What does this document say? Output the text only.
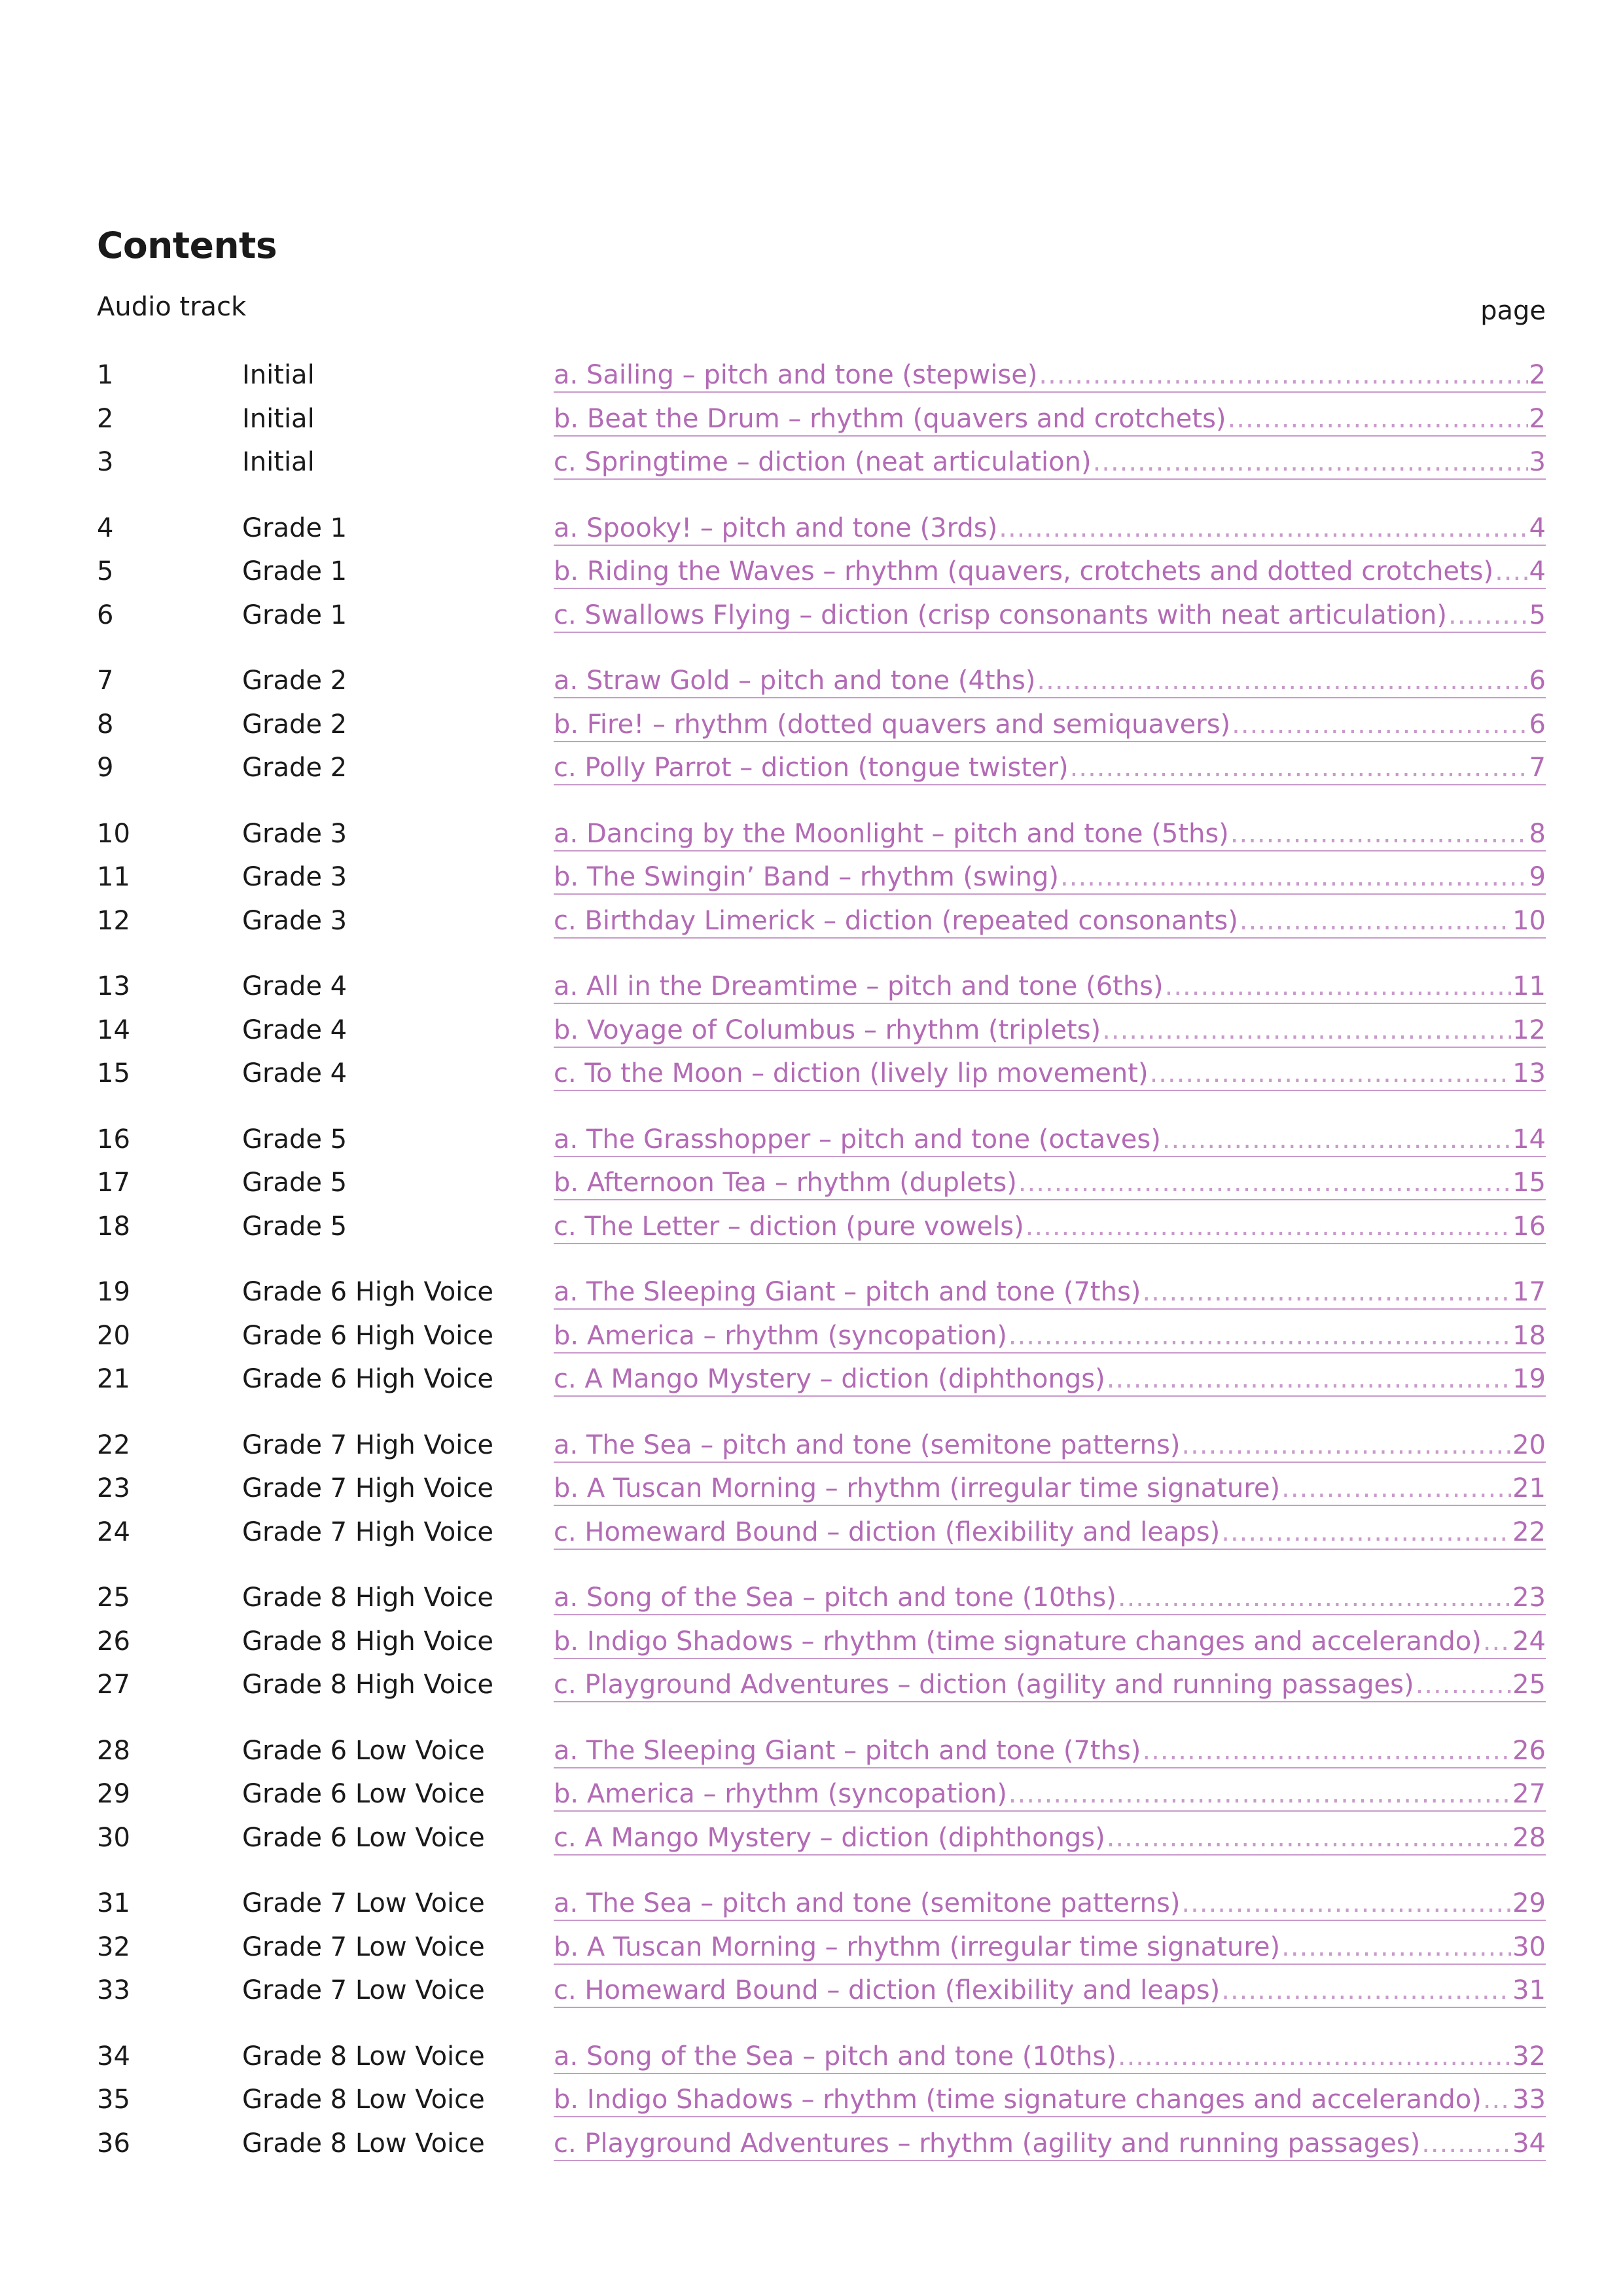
Contents
Audio track	page
1	Initial	a. Sailing – pitch and tone (stepwise) .....	2
2	Initial	b. Beat the Drum – rhythm (quavers and crotchets) .....	2
3	Initial	c. Springtime – diction (neat articulation) .....	3
4	Grade 1	a. Spooky! – pitch and tone (3rds) .....	4
5	Grade 1	b. Riding the Waves – rhythm (quavers, crotchets and dotted crotchets) ..... 4
6	Grade 1	c. Swallows Flying – diction (crisp consonants with neat articulation) .....	5
7	Grade 2	a. Straw Gold – pitch and tone (4ths) .....	6
8	Grade 2	b. Fire! – rhythm (dotted quavers and semiquavers) .....	6
9	Grade 2	c. Polly Parrot – diction (tongue twister) .....	7
10	Grade 3	a. Dancing by the Moonlight – pitch and tone (5ths) .....	8
11	Grade 3	b. The Swingin’ Band – rhythm (swing) .....	9
12	Grade 3	c. Birthday Limerick – diction (repeated consonants) .....	10
13	Grade 4	a. All in the Dreamtime – pitch and tone (6ths) .....	11
14	Grade 4	b. Voyage of Columbus – rhythm (triplets) .....	12
15	Grade 4	c. To the Moon – diction (lively lip movement) .....	13
16	Grade 5	a. The Grasshopper – pitch and tone (octaves) .....	14
17	Grade 5	b. Afternoon Tea – rhythm (duplets) .....	15
18	Grade 5	c. The Letter – diction (pure vowels) .....	16
19	Grade 6 High Voice	a. The Sleeping Giant – pitch and tone (7ths) .....	17
20	Grade 6 High Voice	b. America – rhythm (syncopation) .....	18
21	Grade 6 High Voice	c. A Mango Mystery – diction (diphthongs) .....	19
22	Grade 7 High Voice	a. The Sea – pitch and tone (semitone patterns) .....	20
23	Grade 7 High Voice	b. A Tuscan Morning – rhythm (irregular time signature) .....	21
24	Grade 7 High Voice	c. Homeward Bound – diction (flexibility and leaps) .....	22
25	Grade 8 High Voice	a. Song of the Sea – pitch and tone (10ths) .....	23
26	Grade 8 High Voice	b. Indigo Shadows – rhythm (time signature changes and accelerando) ..... 24
27	Grade 8 High Voice	c. Playground Adventures – diction (agility and running passages) .....	25
28	Grade 6 Low Voice	a. The Sleeping Giant – pitch and tone (7ths) .....	26
29	Grade 6 Low Voice	b. America – rhythm (syncopation) .....	27
30	Grade 6 Low Voice	c. A Mango Mystery – diction (diphthongs) .....	28
31	Grade 7 Low Voice	a. The Sea – pitch and tone (semitone patterns) .....	29
32	Grade 7 Low Voice	b. A Tuscan Morning – rhythm (irregular time signature) .....	30
33	Grade 7 Low Voice	c. Homeward Bound – diction (flexibility and leaps) .....	31
34	Grade 8 Low Voice	a. Song of the Sea – pitch and tone (10ths) .....	32
35	Grade 8 Low Voice	b. Indigo Shadows – rhythm (time signature changes and accelerando) ..... 33
36	Grade 8 Low Voice	c. Playground Adventures – rhythm (agility and running passages) .....	34
